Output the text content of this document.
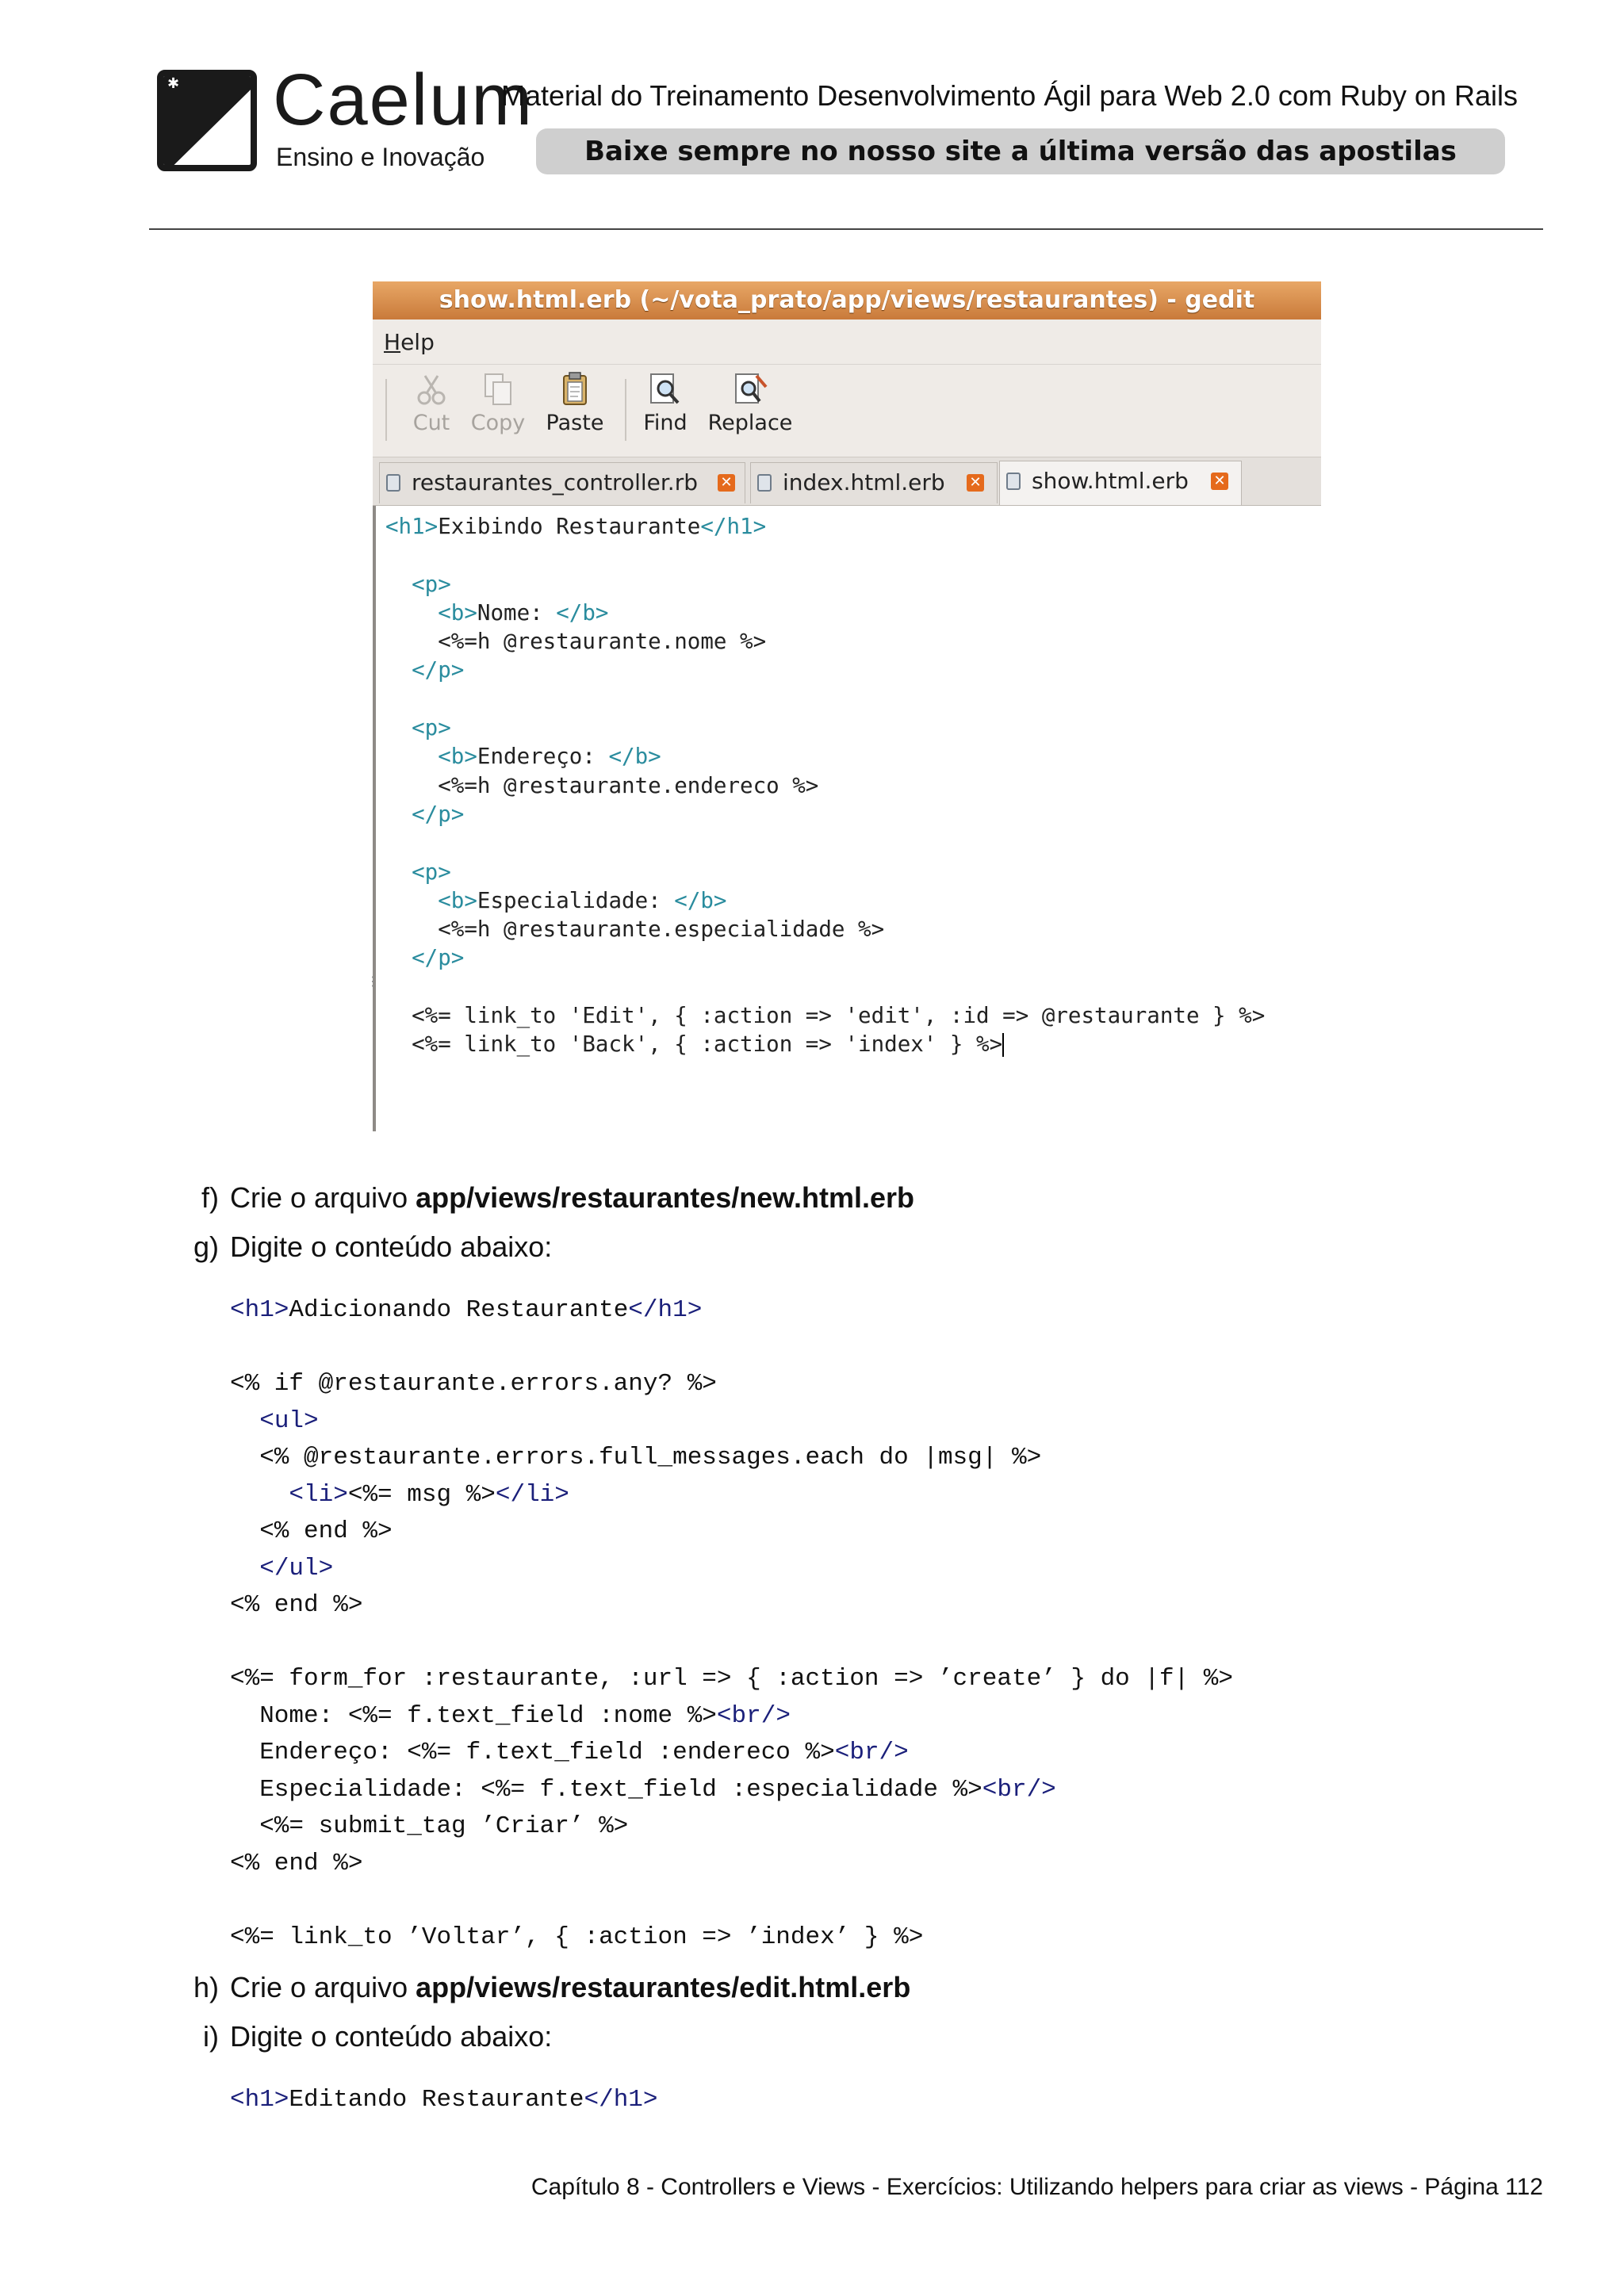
✱ Caelum
Ensino e Inovação
Material do Treinamento Desenvolvimento Ágil para Web 2.0 com Ruby on Rails
Baixe sempre no nosso site a última versão das apostilas
show.html.erb (~/vota_prato/app/views/restaurantes) - gedit
Help
Cut Copy Paste	Find Replace
restaurantes_controller.rb ✕ index.html.erb ✕ show.html.erb ✕
⋮
<h1>Exibindo Restaurante</h1>

<p>
<b>Nome: </b>
<%=h @restaurante.nome %>
</p>

<p>
<b>Endereço: </b>
<%=h @restaurante.endereco %>
</p>

<p>
<b>Especialidade: </b>
<%=h @restaurante.especialidade %>
</p>

<%= link_to 'Edit', { :action => 'edit', :id => @restaurante } %>
<%= link_to 'Back', { :action => 'index' } %>
f) Crie o arquivo app/views/restaurantes/new.html.erb
g) Digite o conteúdo abaixo:
<h1>Adicionando Restaurante</h1>

<% if @restaurante.errors.any? %>
<ul>
<% @restaurante.errors.full_messages.each do |msg| %>
<li><%= msg %></li>
<% end %>
</ul>
<% end %>

<%= form_for :restaurante, :url => { :action => ’create’ } do |f| %>
Nome: <%= f.text_field :nome %><br/>
Endereço: <%= f.text_field :endereco %><br/>
Especialidade: <%= f.text_field :especialidade %><br/>
<%= submit_tag ’Criar’ %>
<% end %>

<%= link_to ’Voltar’, { :action => ’index’ } %>
h) Crie o arquivo app/views/restaurantes/edit.html.erb
i) Digite o conteúdo abaixo:
<h1>Editando Restaurante</h1>
Capítulo 8 - Controllers e Views - Exercícios: Utilizando helpers para criar as views - Página 112
